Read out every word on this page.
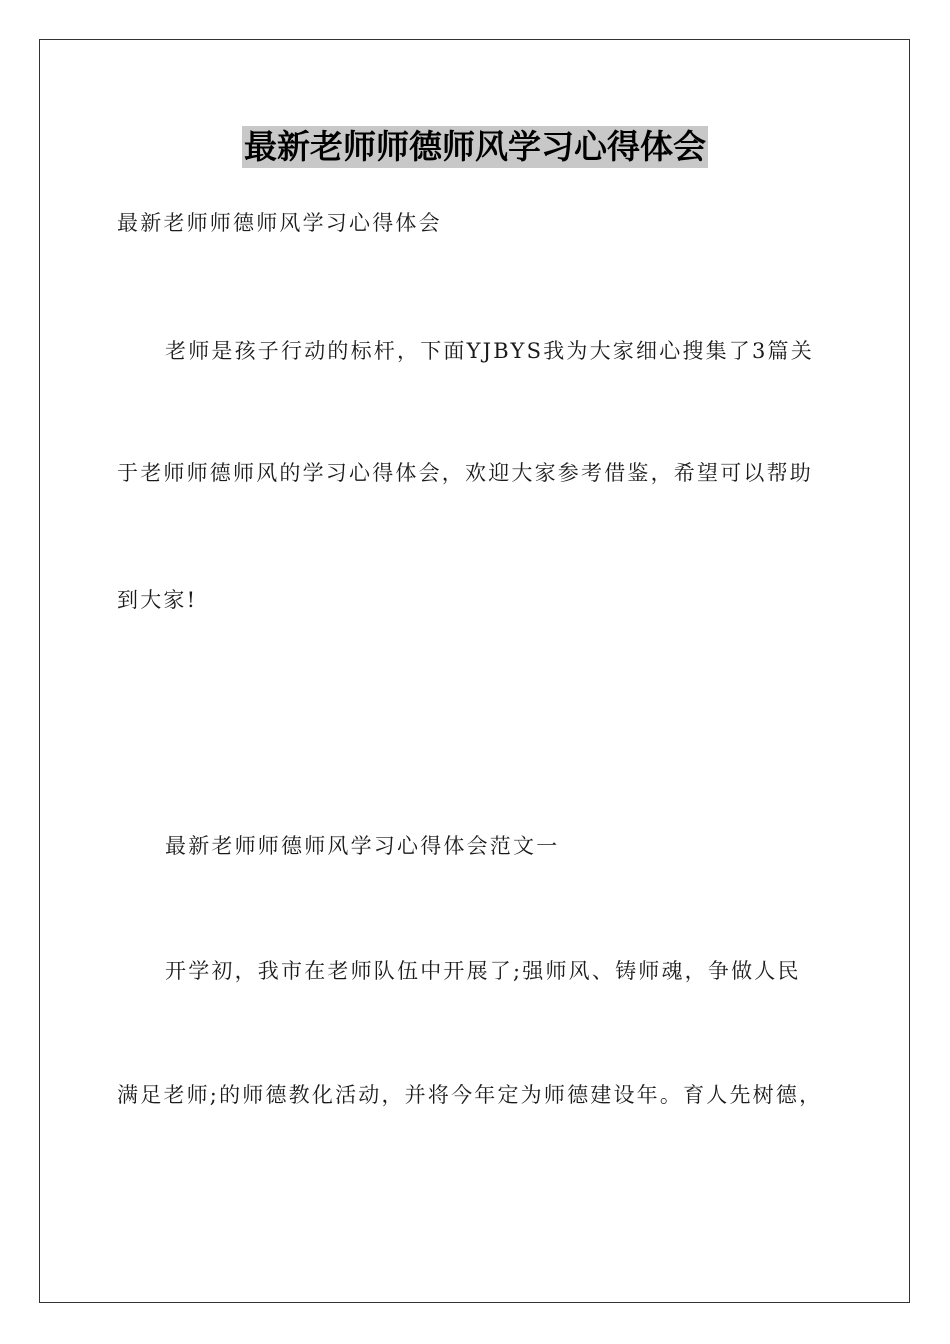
最新老师师德师风学习心得体会
最新老师师德师风学习心得体会
老师是孩子行动的标杆，下面YJBYS我为大家细心搜集了3篇关
于老师师德师风的学习心得体会，欢迎大家参考借鉴，希望可以帮助
到大家!
最新老师师德师风学习心得体会范文一
开学初，我市在老师队伍中开展了;强师风、铸师魂，争做人民
满足老师;的师德教化活动，并将今年定为师德建设年。育人先树德，
